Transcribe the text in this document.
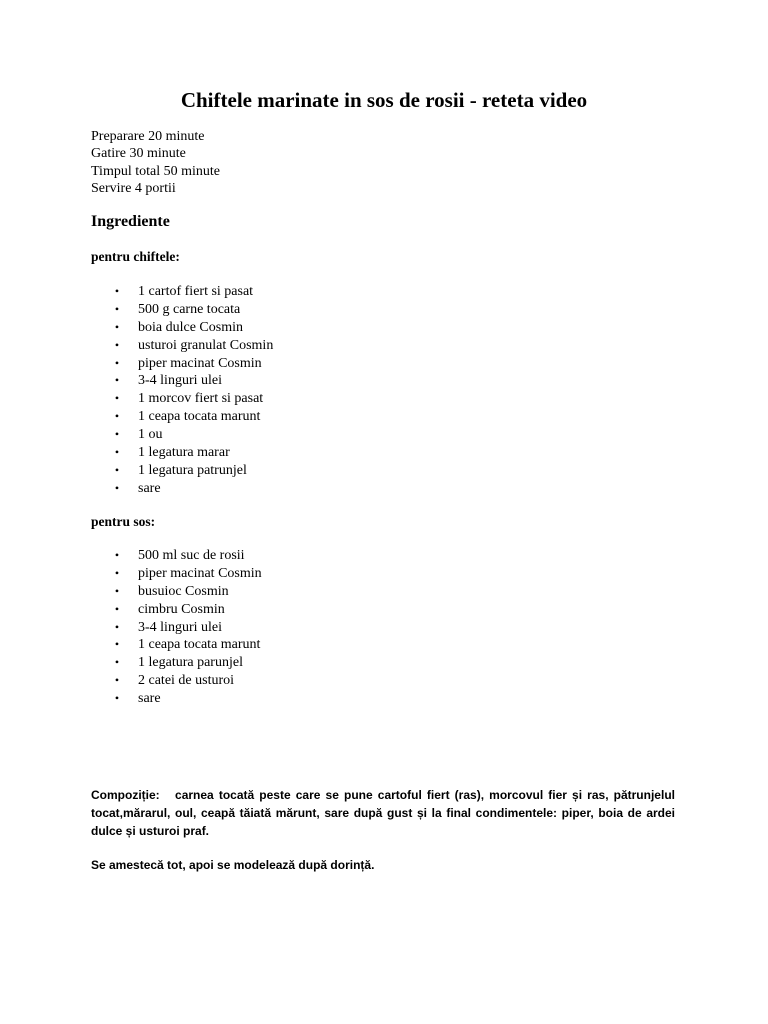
Chiftele marinate in sos de rosii - reteta video
Preparare 20 minute
Gatire 30 minute
Timpul total 50 minute
Servire 4 portii
Ingrediente
pentru chiftele:
•	1 cartof fiert si pasat
•	500 g carne tocata
•	boia dulce Cosmin
•	usturoi granulat Cosmin
•	piper macinat Cosmin
•	3-4 linguri ulei
•	1 morcov fiert si pasat
•	1 ceapa tocata marunt
•	1 ou
•	1 legatura marar
•	1 legatura patrunjel
•	sare
pentru sos:
•	500 ml suc de rosii
•	piper macinat Cosmin
•	busuioc Cosmin
•	cimbru Cosmin
•	3-4 linguri ulei
•	1 ceapa tocata marunt
•	1 legatura parunjel
•	2 catei de usturoi
•	sare

Compoziție: carnea tocată peste care se pune cartoful fiert (ras), morcovul fier și ras, pătrunjelul tocat,mărarul, oul, ceapă tăiată mărunt, sare după gust și la final condimentele: piper, boia de ardei dulce și usturoi praf.

Se amestecă tot, apoi se modelează după dorință.
